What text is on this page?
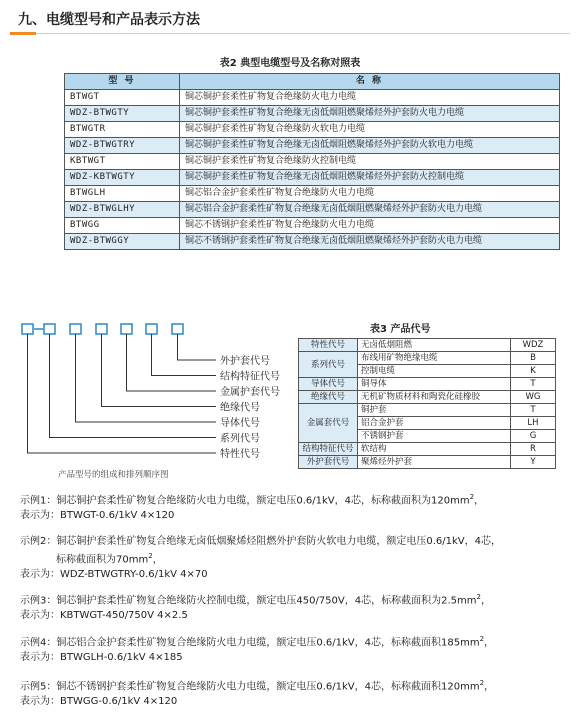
九、电缆型号和产品表示方法
表2 典型电缆型号及名称对照表
型 号	名 称
BTWGT	铜芯铜护套柔性矿物复合绝缘防火电力电缆
WDZ-BTWGTY	铜芯铜护套柔性矿物复合绝缘无卤低烟阻燃聚烯烃外护套防火电力电缆
BTWGTR	铜芯铜护套柔性矿物复合绝缘防火软电力电缆
WDZ-BTWGTRY	铜芯铜护套柔性矿物复合绝缘无卤低烟阻燃聚烯烃外护套防火软电力电缆
KBTWGT	铜芯铜护套柔性矿物复合绝缘防火控制电缆
WDZ-KBTWGTY	铜芯铜护套柔性矿物复合绝缘无卤低烟阻燃聚烯烃外护套防火控制电缆
BTWGLH	铜芯铝合金护套柔性矿物复合绝缘防火电力电缆
WDZ-BTWGLHY	铜芯铝合金护套柔性矿物复合绝缘无卤低烟阻燃聚烯烃外护套防火电力电缆
BTWGG	铜芯不锈钢护套柔性矿物复合绝缘防火电力电缆
WDZ-BTWGGY	铜芯不锈钢护套柔性矿物复合绝缘无卤低烟阻燃聚烯烃外护套防火电力电缆
外护套代号
结构特征代号
金属护套代号
绝缘代号
导体代号
系列代号
特性代号
产品型号的组成和排列顺序图
表3 产品代号
特性代号	无卤低烟阻燃	WDZ
系列代号	布线用矿物绝缘电缆	B
	控制电缆	K
导体代号	铜导体	T
绝缘代号	无机矿物质材料和陶瓷化硅橡胶	WG
金属套代号	铜护套	T
	铝合金护套	LH
	不锈钢护套	G
结构特征代号	软结构	R
外护套代号	聚烯烃外护套	Y
示例1：铜芯铜护套柔性矿物复合绝缘防火电力电缆，额定电压0.6/1kV，4芯，标称截面积为$120mm^2$，
表示为：BTWGT-0.6/1kV 4×120
示例2：铜芯铜护套柔性矿物复合绝缘无卤低烟聚烯烃阻燃外护套防火软电力电缆，额定电压0.6/1kV，4芯，
标称截面积为$70mm^2$，
表示为：WDZ-BTWGTRY-0.6/1kV 4×70
示例3：铜芯铜护套柔性矿物复合绝缘防火控制电缆，额定电压450/750V，4芯，标称截面积为$2.5mm^2$，
表示为：KBTWGT-450/750V 4×2.5
示例4：铜芯铝合金护套柔性矿物复合绝缘防火电力电缆，额定电压0.6/1kV，4芯，标称截面积$185mm^2$，
表示为：BTWGLH-0.6/1kV 4×185
示例5：铜芯不锈钢护套柔性矿物复合绝缘防火电力电缆，额定电压0.6/1kV，4芯，标称截面积$120mm^2$，
表示为：BTWGG-0.6/1kV 4×120
